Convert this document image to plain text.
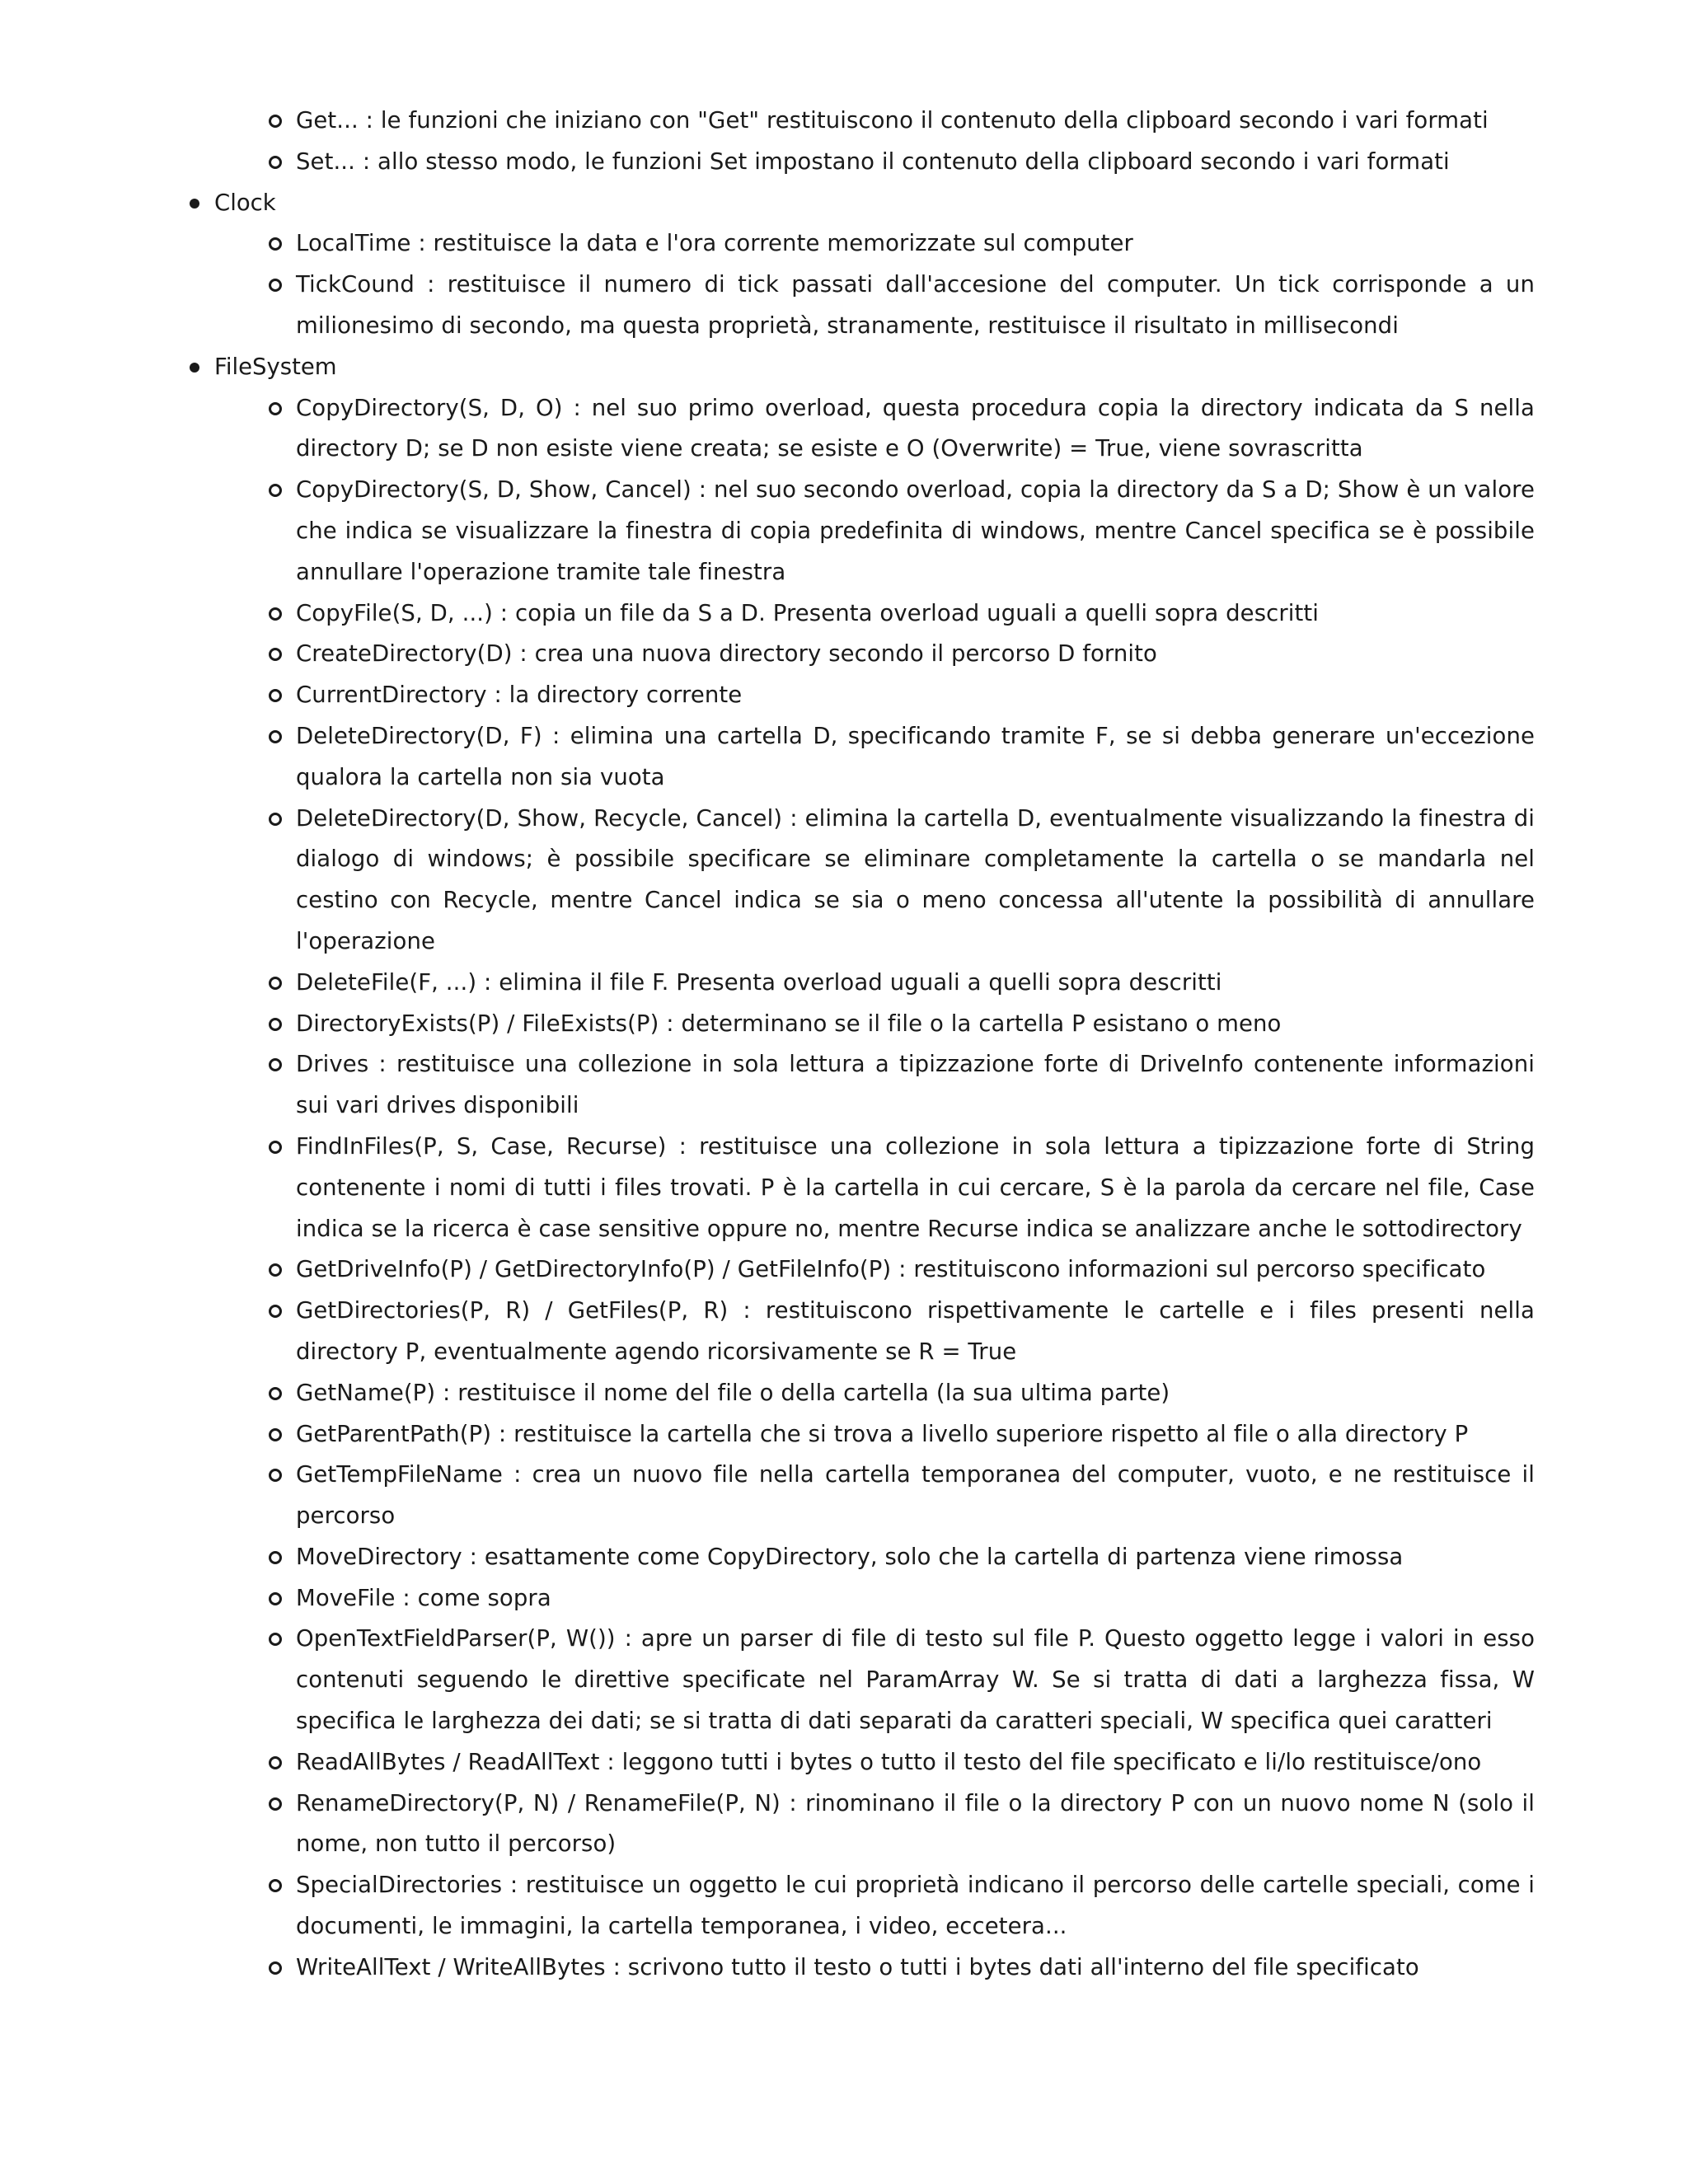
Get... : le funzioni che iniziano con "Get" restituiscono il contenuto della clipboard secondo i vari formati
Set... : allo stesso modo, le funzioni Set impostano il contenuto della clipboard secondo i vari formati
Clock
LocalTime : restituisce la data e l'ora corrente memorizzate sul computer
TickCound : restituisce il numero di tick passati dall'accesione del computer. Un tick corrisponde a un milionesimo di secondo, ma questa proprietà, stranamente, restituisce il risultato in millisecondi
FileSystem
CopyDirectory(S, D, O) : nel suo primo overload, questa procedura copia la directory indicata da S nella directory D; se D non esiste viene creata; se esiste e O (Overwrite) = True, viene sovrascritta
CopyDirectory(S, D, Show, Cancel) : nel suo secondo overload, copia la directory da S a D; Show è un valore che indica se visualizzare la finestra di copia predefinita di windows, mentre Cancel specifica se è possibile annullare l'operazione tramite tale finestra
CopyFile(S, D, ...) : copia un file da S a D. Presenta overload uguali a quelli sopra descritti
CreateDirectory(D) : crea una nuova directory secondo il percorso D fornito
CurrentDirectory : la directory corrente
DeleteDirectory(D, F) : elimina una cartella D, specificando tramite F, se si debba generare un'eccezione qualora la cartella non sia vuota
DeleteDirectory(D, Show, Recycle, Cancel) : elimina la cartella D, eventualmente visualizzando la finestra di dialogo di windows; è possibile specificare se eliminare completamente la cartella o se mandarla nel cestino con Recycle, mentre Cancel indica se sia o meno concessa all'utente la possibilità di annullare l'operazione
DeleteFile(F, ...) : elimina il file F. Presenta overload uguali a quelli sopra descritti
DirectoryExists(P) / FileExists(P) : determinano se il file o la cartella P esistano o meno
Drives : restituisce una collezione in sola lettura a tipizzazione forte di DriveInfo contenente informazioni sui vari drives disponibili
FindInFiles(P, S, Case, Recurse) : restituisce una collezione in sola lettura a tipizzazione forte di String contenente i nomi di tutti i files trovati. P è la cartella in cui cercare, S è la parola da cercare nel file, Case indica se la ricerca è case sensitive oppure no, mentre Recurse indica se analizzare anche le sottodirectory
GetDriveInfo(P) / GetDirectoryInfo(P) / GetFileInfo(P) : restituiscono informazioni sul percorso specificato
GetDirectories(P, R) / GetFiles(P, R) : restituiscono rispettivamente le cartelle e i files presenti nella directory P, eventualmente agendo ricorsivamente se R = True
GetName(P) : restituisce il nome del file o della cartella (la sua ultima parte)
GetParentPath(P) : restituisce la cartella che si trova a livello superiore rispetto al file o alla directory P
GetTempFileName : crea un nuovo file nella cartella temporanea del computer, vuoto, e ne restituisce il percorso
MoveDirectory : esattamente come CopyDirectory, solo che la cartella di partenza viene rimossa
MoveFile : come sopra
OpenTextFieldParser(P, W()) : apre un parser di file di testo sul file P. Questo oggetto legge i valori in esso contenuti seguendo le direttive specificate nel ParamArray W. Se si tratta di dati a larghezza fissa, W specifica le larghezza dei dati; se si tratta di dati separati da caratteri speciali, W specifica quei caratteri
ReadAllBytes / ReadAllText : leggono tutti i bytes o tutto il testo del file specificato e li/lo restituisce/ono
RenameDirectory(P, N) / RenameFile(P, N) : rinominano il file o la directory P con un nuovo nome N (solo il nome, non tutto il percorso)
SpecialDirectories : restituisce un oggetto le cui proprietà indicano il percorso delle cartelle speciali, come i documenti, le immagini, la cartella temporanea, i video, eccetera...
WriteAllText / WriteAllBytes : scrivono tutto il testo o tutti i bytes dati all'interno del file specificato
